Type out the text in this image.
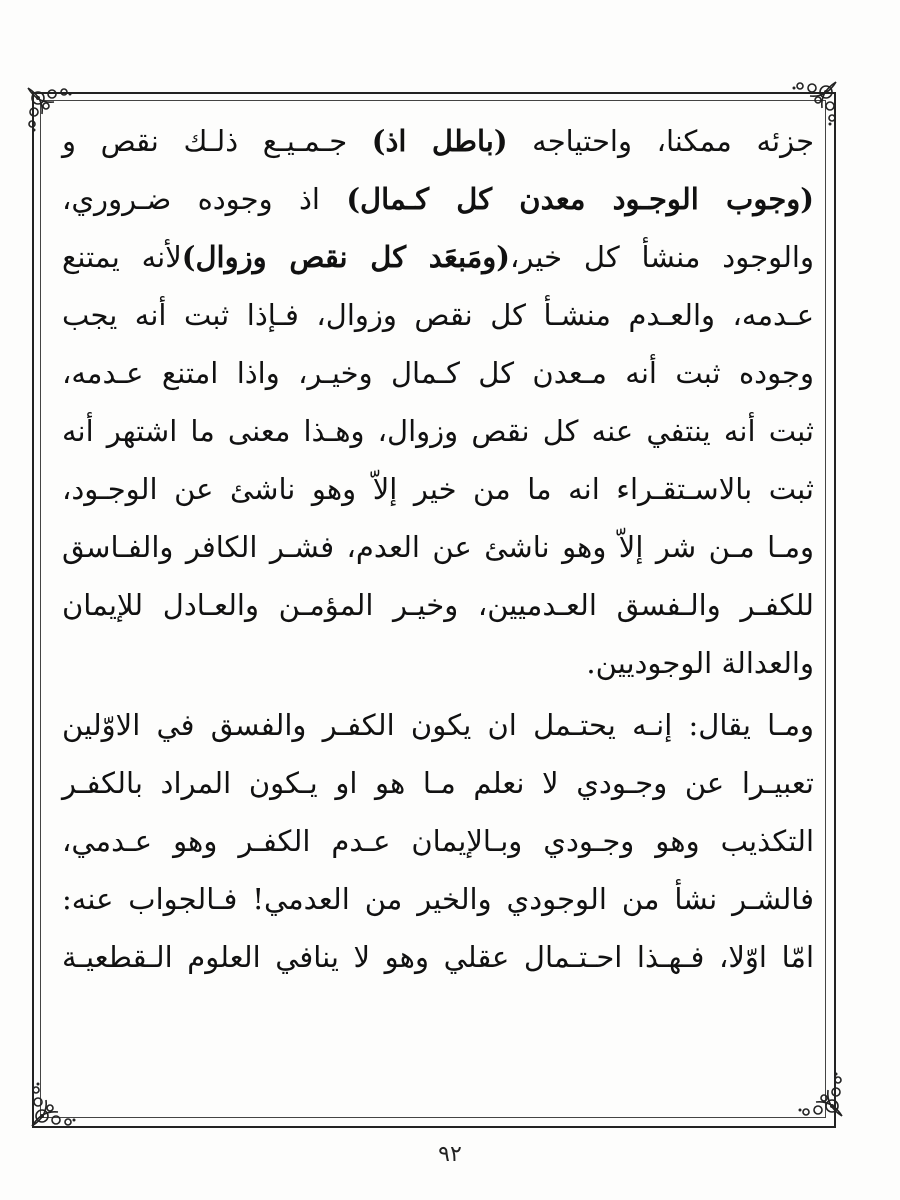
جزئه ممكنا، واحتياجه (باطل اذ) جـمـيـع ذلـك نقص و
(وجوب الوجـود معدن كل كـمال) اذ وجوده ضـروري،
والوجود منشأ كل خير،(ومَبعَد كل نقص وزوال)لأنه يمتنع
عـدمه، والعـدم منشـأ كل نقص وزوال، فـإذا ثبت أنه يجب
وجوده ثبت أنه مـعدن كل كـمال وخيـر، واذا امتنع عـدمه،
ثبت أنه ينتفي عنه كل نقص وزوال، وهـذا معنى ما اشتهر أنه
ثبت بالاسـتقـراء انه ما من خير إلاّ وهو ناشئ عن الوجـود،
ومـا مـن شر إلاّ وهو ناشئ عن العدم، فشـر الكافر والفـاسق
للكفـر والـفسق العـدميين، وخيـر المؤمـن والعـادل للإيمان
والعدالة الوجوديين.
ومـا يقال: إنـه يحتـمل ان يكون الكفـر والفسق في الاوّلين
تعبيـرا عن وجـودي لا نعلم مـا هو او يـكون المراد بالكفـر
التكذيب وهو وجـودي وبـالإيمان عـدم الكفـر وهو عـدمي،
فالشـر نشأ من الوجودي والخير من العدمي! فـالجواب عنه:
امّا اوّلا، فـهـذا احـتـمال عقلي وهو لا ينافي العلوم الـقطعيـة
٩٢
